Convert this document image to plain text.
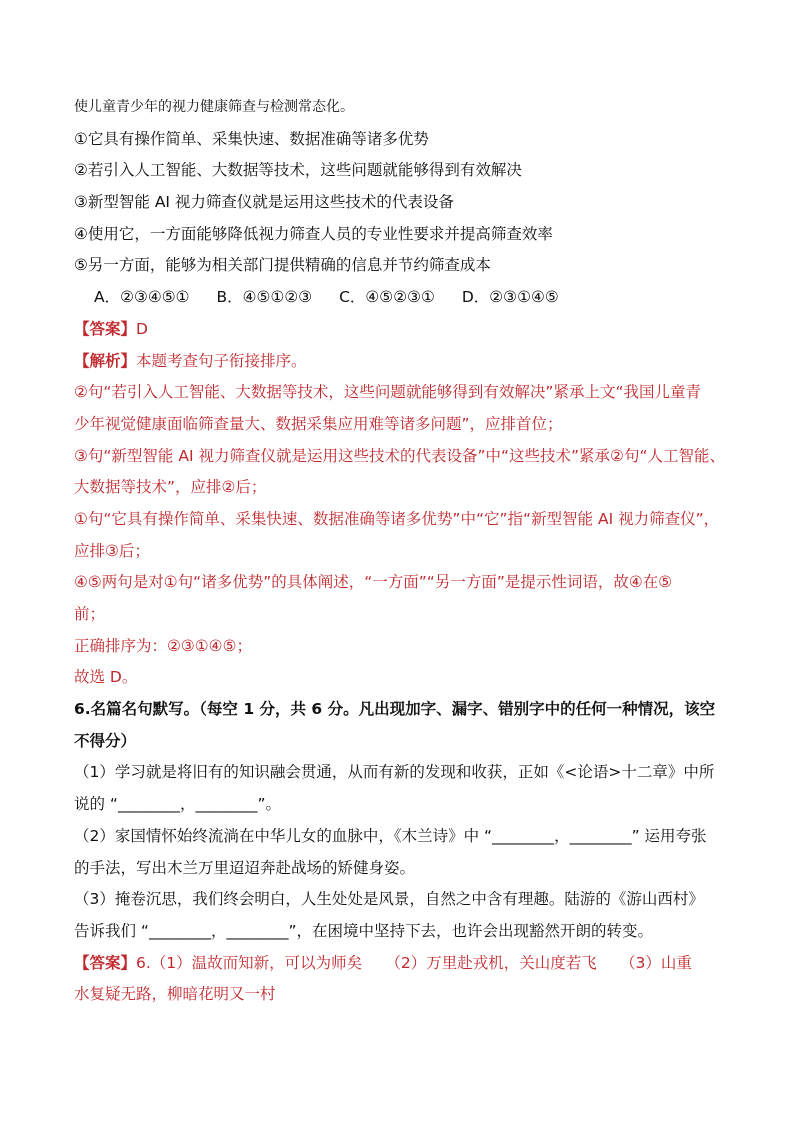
使儿童青少年的视力健康筛查与检测常态化。
①它具有操作简单、采集快速、数据准确等诸多优势
②若引入人工智能、大数据等技术，这些问题就能够得到有效解决
③新型智能 AI 视力筛查仪就是运用这些技术的代表设备
④使用它，一方面能够降低视力筛查人员的专业性要求并提高筛查效率
⑤另一方面，能够为相关部门提供精确的信息并节约筛查成本
A．②③④⑤① B．④⑤①②③ C．④⑤②③① D．②③①④⑤
【答案】D
【解析】本题考查句子衔接排序。
②句“若引入人工智能、大数据等技术，这些问题就能够得到有效解决”紧承上文“我国儿童青
少年视觉健康面临筛查量大、数据采集应用难等诸多问题”，应排首位；
③句“新型智能 AI 视力筛查仪就是运用这些技术的代表设备”中“这些技术”紧承②句“人工智能、
大数据等技术”，应排②后；
①句“它具有操作简单、采集快速、数据准确等诸多优势”中“它”指“新型智能 AI 视力筛查仪”，
应排③后；
④⑤两句是对①句“诸多优势”的具体阐述，“一方面”“另一方面”是提示性词语，故④在⑤
前；
正确排序为：②③①④⑤；
故选 D。
6.名篇名句默写。（每空 1 分，共 6 分。凡出现加字、漏字、错别字中的任何一种情况，该空
不得分）
（1）学习就是将旧有的知识融会贯通，从而有新的发现和收获，正如《<论语>十二章》中所
说的 “________，________”。
（2）家国情怀始终流淌在中华儿女的血脉中，《木兰诗》中 “________，________” 运用夸张
的手法，写出木兰万里迢迢奔赴战场的矫健身姿。
（3）掩卷沉思，我们终会明白，人生处处是风景，自然之中含有理趣。陆游的《游山西村》
告诉我们 “________，________”，在困境中坚持下去，也许会出现豁然开朗的转变。
【答案】6.（1）温故而知新，可以为师矣　　（2）万里赴戎机，关山度若飞　　（3）山重
水复疑无路，柳暗花明又一村
